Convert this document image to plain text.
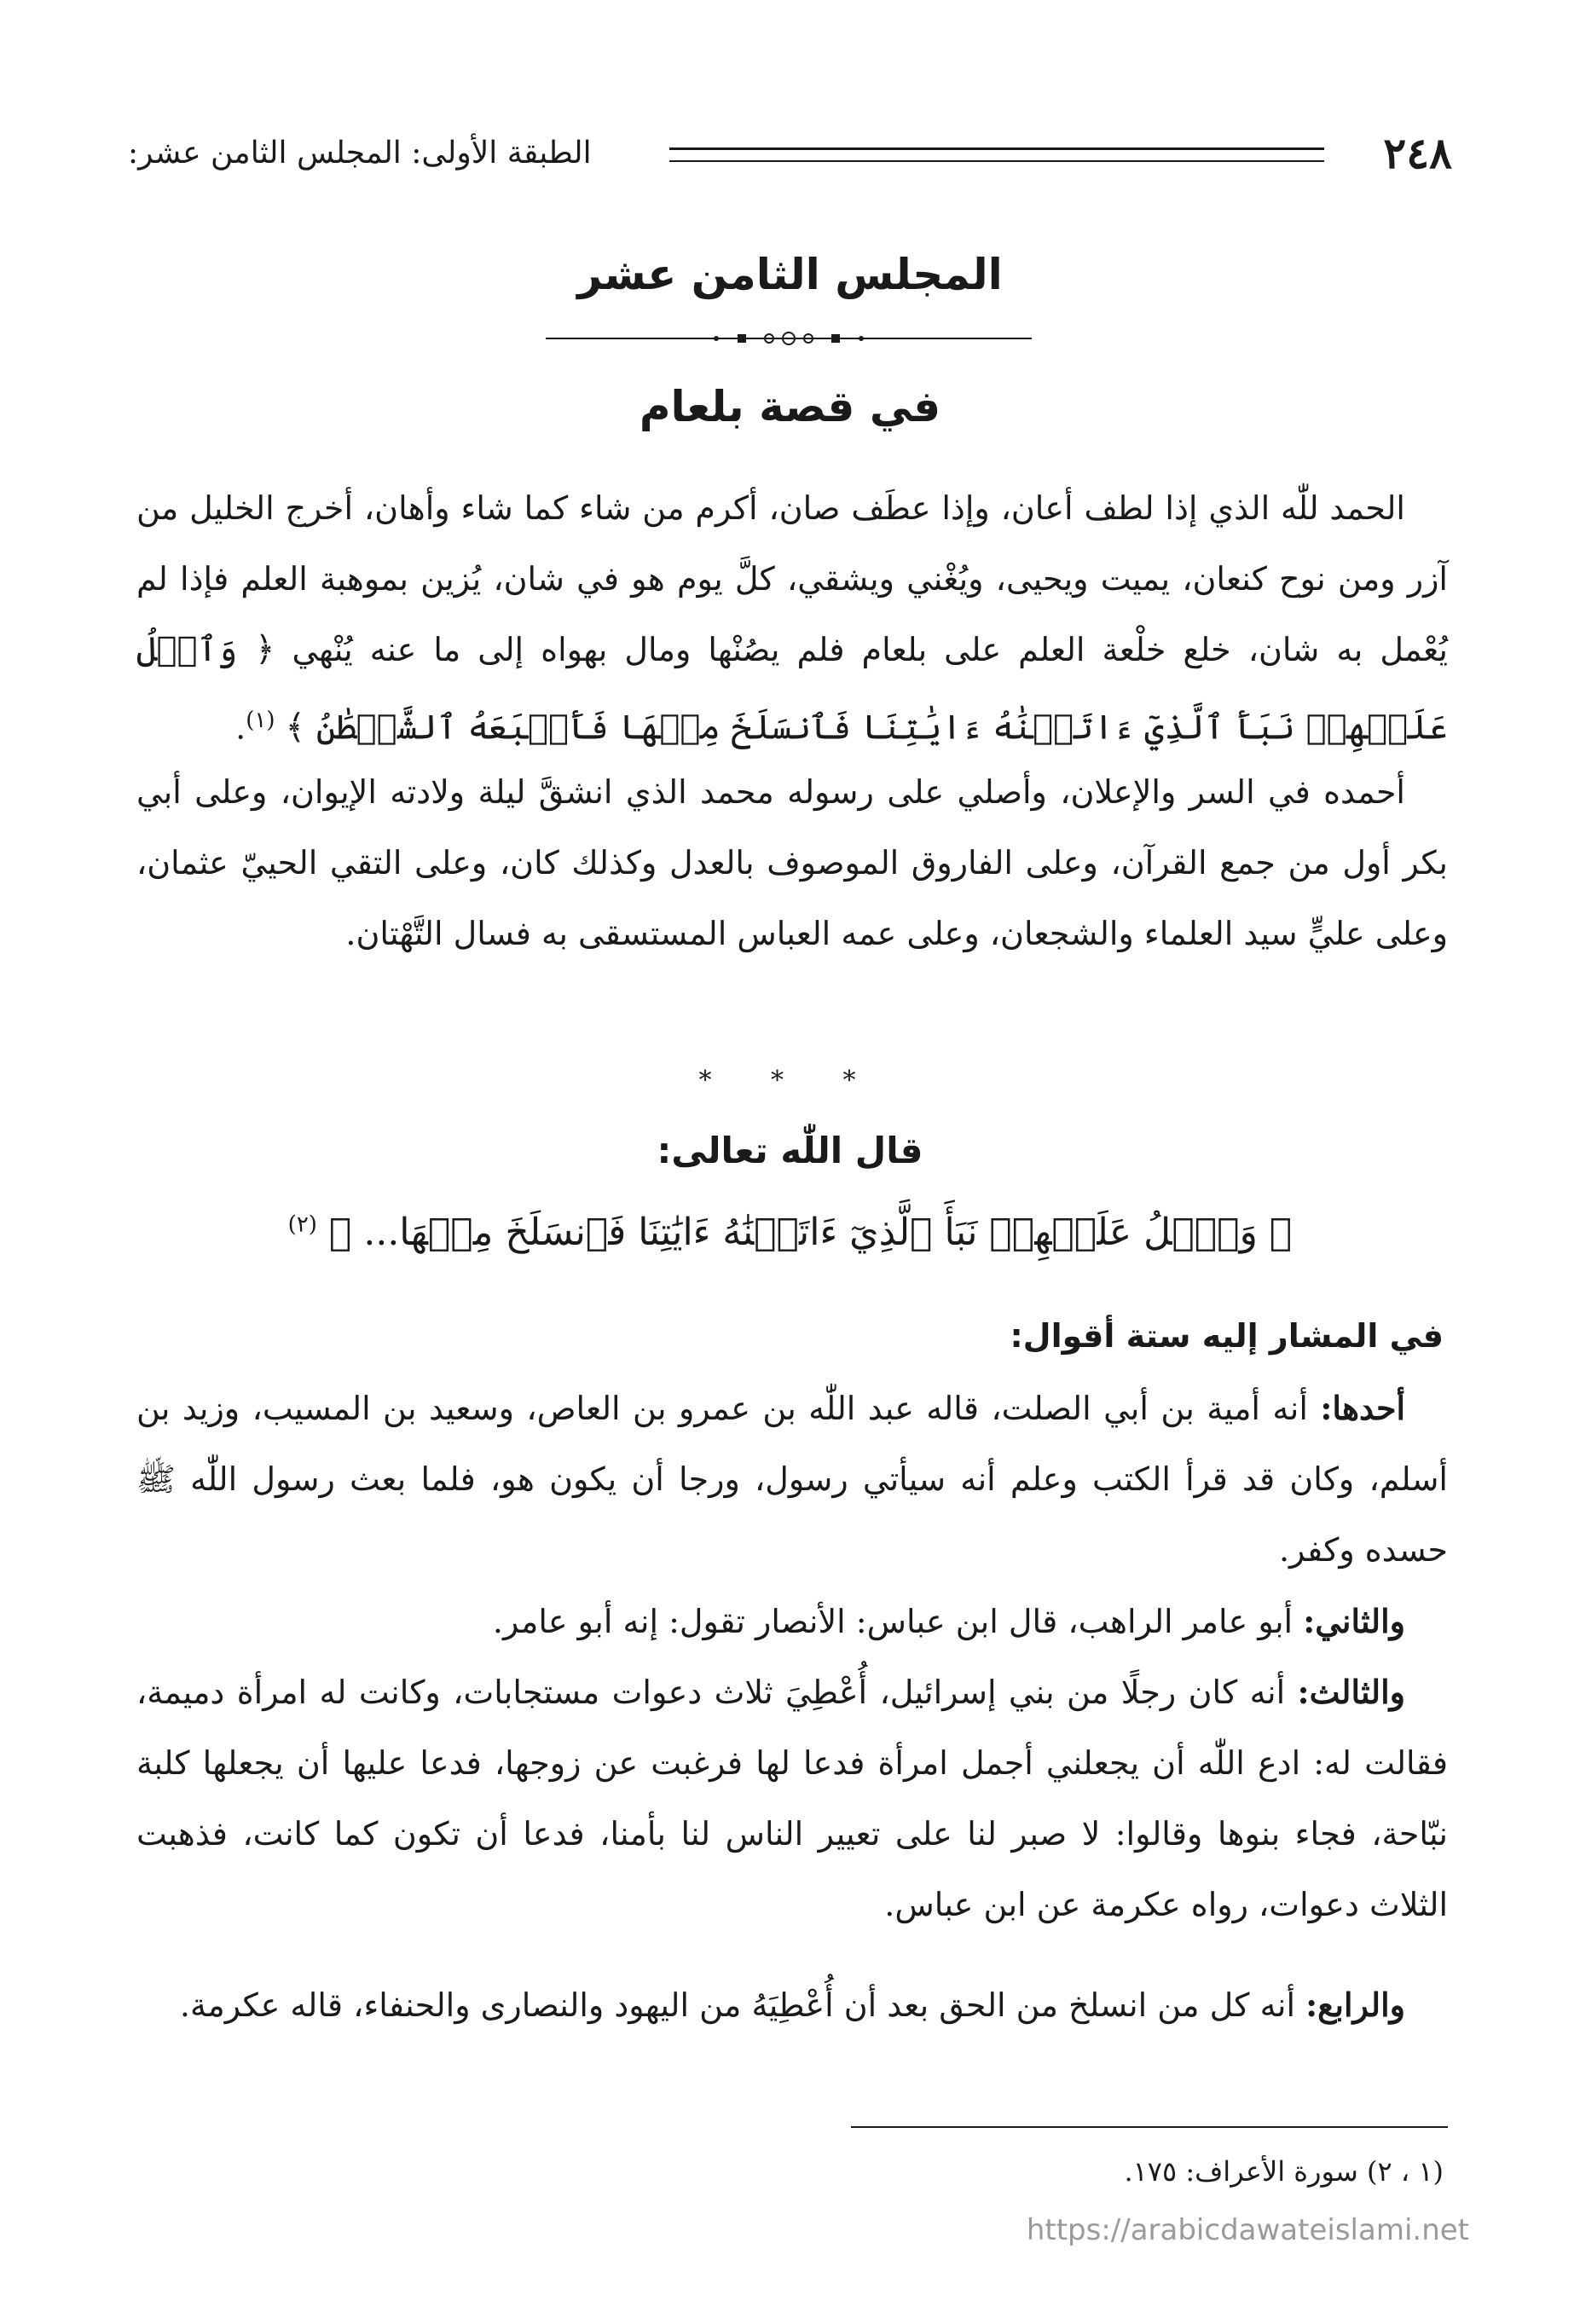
٢٤٨
الطبقة الأولى: المجلس الثامن عشر:
المجلس الثامن عشر
في قصة بلعام

الحمد للّٰه الذي إذا لطف أعان، وإذا عطَف صان، أكرم من شاء كما شاء وأهان، أخرج الخليل من آزر ومن نوح كنعان، يميت ويحيى، ويُغْني ويشقي، كلَّ يوم هو في شان، يُزين بموهبة العلم فإذا لم يُعْمل به شان، خلع خلْعة العلم على بلعام فلم يصُنْها ومال بهواه إلى ما عنه يُنْهي ﴿ وَٱتۡلُ عَلَيۡهِمۡ نَبَأَ ٱلَّذِيٓ ءَاتَيۡنَٰهُ ءَايَٰتِنَا فَٱنسَلَخَ مِنۡهَا فَأَتۡبَعَهُ ٱلشَّيۡطَٰنُ ﴾ $^{(١)}$.

أحمده في السر والإعلان، وأصلي على رسوله محمد الذي انشقَّ ليلة ولادته الإيوان، وعلى أبي بكر أول من جمع القرآن، وعلى الفاروق الموصوف بالعدل وكذلك كان، وعلى التقي الحييّ عثمان، وعلى عليٍّ سيد العلماء والشجعان، وعلى عمه العباس المستسقى به فسال التَّهْتان.

* * *
قال اللّٰه تعالى:
﴿ وَٱتۡلُ عَلَيۡهِمۡ نَبَأَ ٱلَّذِيٓ ءَاتَيۡنَٰهُ ءَايَٰتِنَا فَٱنسَلَخَ مِنۡهَا... ﴾ $^{(٢)}$
في المشار إليه ستة أقوال:

أحدها: أنه أمية بن أبي الصلت، قاله عبد اللّٰه بن عمرو بن العاص، وسعيد بن المسيب، وزيد بن أسلم، وكان قد قرأ الكتب وعلم أنه سيأتي رسول، ورجا أن يكون هو، فلما بعث رسول اللّٰه ﷺ حسده وكفر.

والثاني: أبو عامر الراهب، قال ابن عباس: الأنصار تقول: إنه أبو عامر.

والثالث: أنه كان رجلًا من بني إسرائيل، أُعْطِيَ ثلاث دعوات مستجابات، وكانت له امرأة دميمة، فقالت له: ادع اللّٰه أن يجعلني أجمل امرأة فدعا لها فرغبت عن زوجها، فدعا عليها أن يجعلها كلبة نبّاحة، فجاء بنوها وقالوا: لا صبر لنا على تعيير الناس لنا بأمنا، فدعا أن تكون كما كانت، فذهبت الثلاث دعوات، رواه عكرمة عن ابن عباس.

والرابع: أنه كل من انسلخ من الحق بعد أن أُعْطِيَهُ من اليهود والنصارى والحنفاء، قاله عكرمة.

(١ ، ٢) سورة الأعراف: ١٧٥.
https://arabicdawateislami.net
